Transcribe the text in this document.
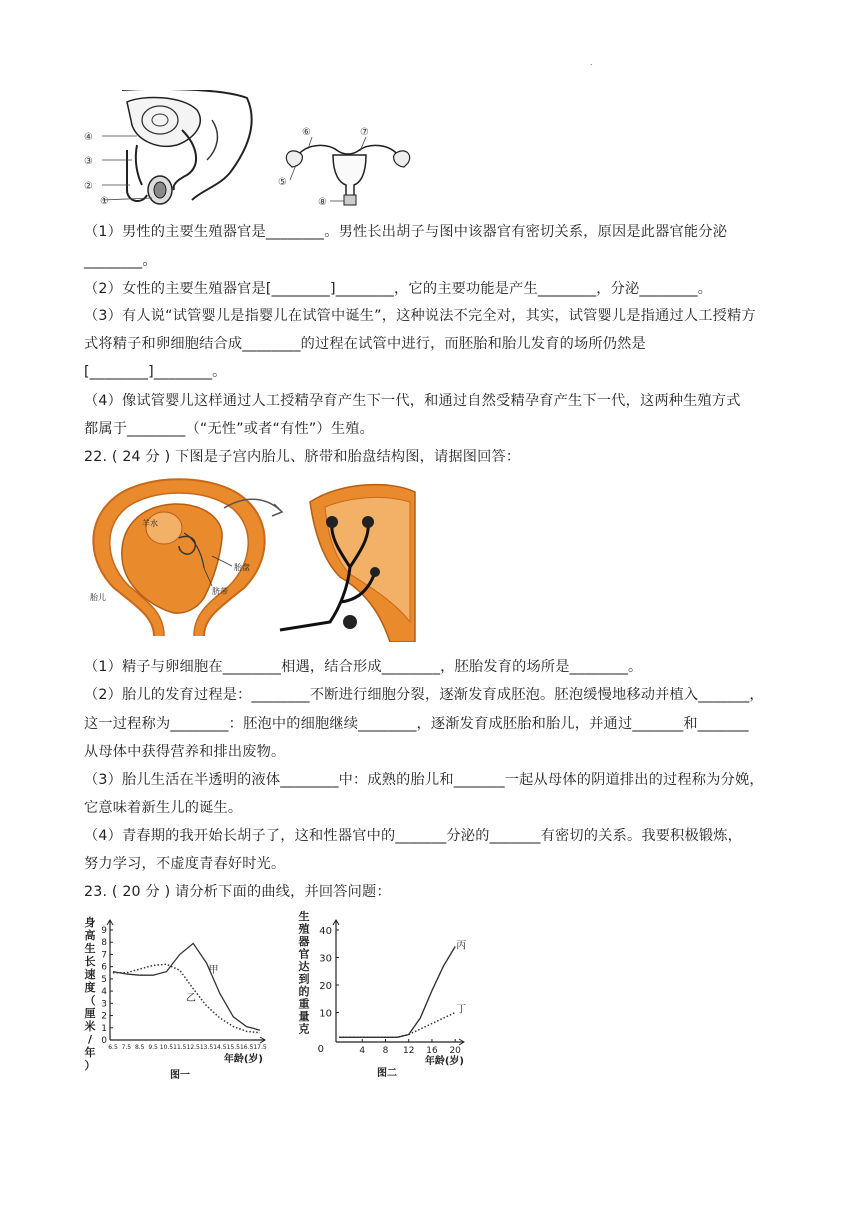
.
④
③
②
①
⑤
⑥	⑦
⑧
（1）男性的主要生殖器官是________。男性长出胡子与图中该器官有密切关系，原因是此器官能分泌
________。
（2）女性的主要生殖器官是[________]________，它的主要功能是产生________，分泌________。
（3）有人说“试管婴儿是指婴儿在试管中诞生”，这种说法不完全对，其实，试管婴儿是指通过人工授精方
式将精子和卵细胞结合成________的过程在试管中进行，而胚胎和胎儿发育的场所仍然是
[________]________。
（4）像试管婴儿这样通过人工授精孕育产生下一代，和通过自然受精孕育产生下一代，这两种生殖方式
都属于________（“无性”或者“有性”）生殖。
22. ( 24 分 ) 下图是子宫内胎儿、脐带和胎盘结构图，请据图回答：
羊水
胎盘
脐带
胎儿
（1）精子与卵细胞在________相遇，结合形成________，胚胎发育的场所是________。
（2）胎儿的发育过程是：________不断进行细胞分裂，逐渐发育成胚泡。胚泡缓慢地移动并植入_______，
这一过程称为________：胚泡中的细胞继续________，逐渐发育成胚胎和胎儿，并通过_______和_______
从母体中获得营养和排出废物。
（3）胎儿生活在半透明的液体________中：成熟的胎儿和_______一起从母体的阴道排出的过程称为分娩，
它意味着新生儿的诞生。
（4）青春期的我开始长胡子了，这和性器官中的_______分泌的_______有密切的关系。我要积极锻炼，
努力学习，不虚度青春好时光。
23. ( 20 分 ) 请分析下面的曲线，并回答问题：
0
1
2
3
4
5
6
7
8
9
6.5 7.5 8.5 9.5 10.5 11.5 12.5 13.5 14.5 15.5 16.5 17.5
身
高
生
长
速
度
（
厘
米
/
年
）	年龄(岁)
图一
甲
乙
10
20
30
40
0	4 8 12 16 20
生
殖
器
官
达
到
的
重
量
克
年龄(岁)
图二
丙
丁
